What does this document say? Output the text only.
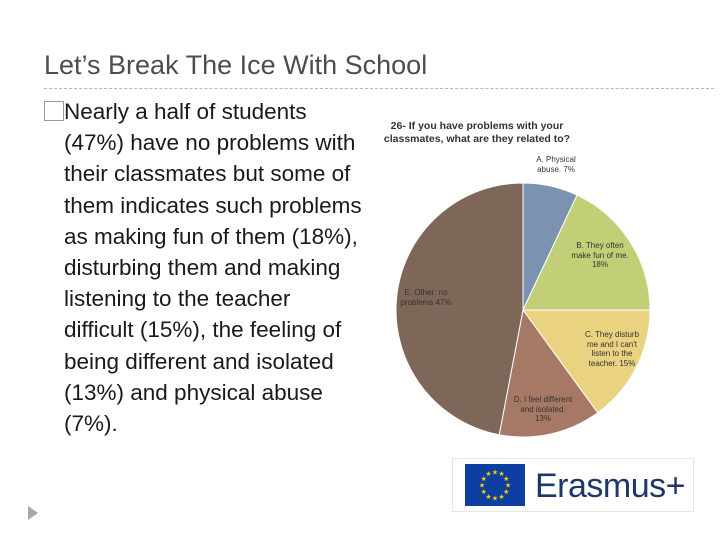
Let’s Break The Ice With School
Nearly a half of students (47%) have no problems with their classmates but some of them indicates such problems as making fun of them (18%), disturbing them and making listening to the teacher difficult (15%), the feeling of being different and isolated (13%) and physical abuse (7%).
26- If you have problems with your classmates, what are they related to?
A. Physical abuse. 7%
B. They often make fun of me. 18%
C. They disturb me and I can't listen to the teacher. 15%
D. I feel different and isolated. 13%
E. Other: no problems 47%
★ ★
★
★
★
★
★
★
★
★
★
★ Erasmus+
